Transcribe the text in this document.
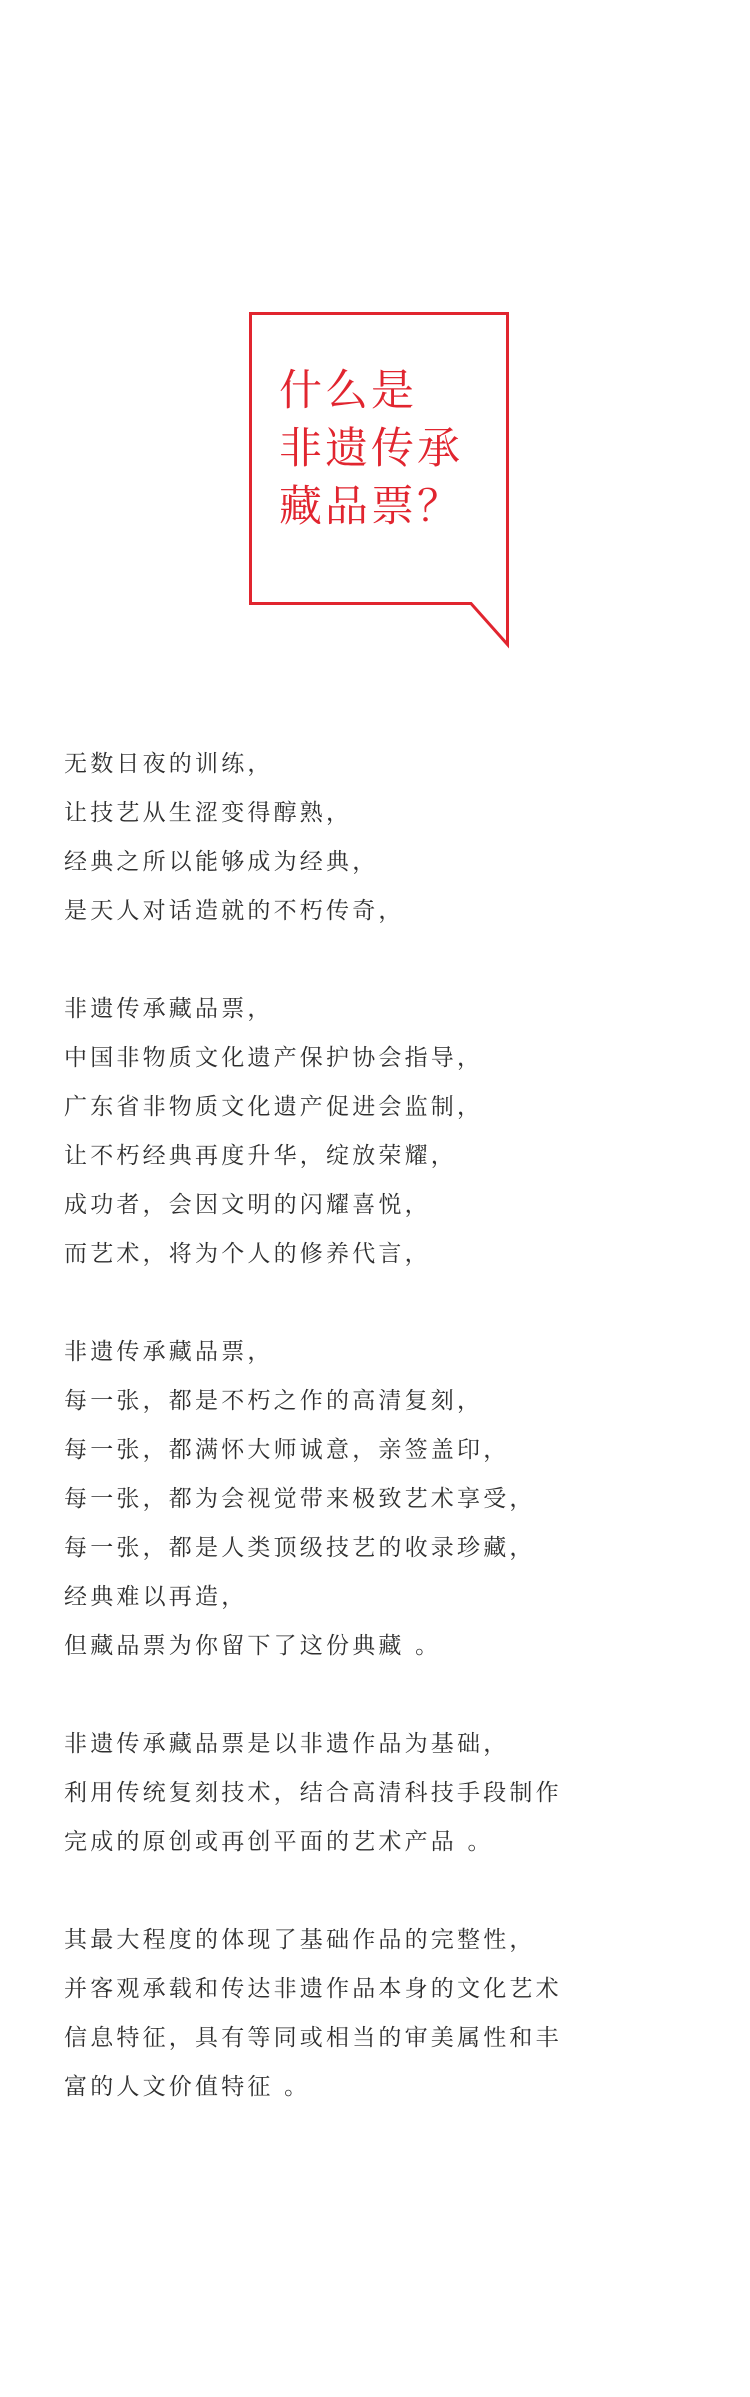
什么是
非遗传承
藏品票？

无数日夜的训练，
让技艺从生涩变得醇熟，
经典之所以能够成为经典，
是天人对话造就的不朽传奇，

非遗传承藏品票，
中国非物质文化遗产保护协会指导，
广东省非物质文化遗产促进会监制，
让不朽经典再度升华，绽放荣耀，
成功者，会因文明的闪耀喜悦，
而艺术，将为个人的修养代言，

非遗传承藏品票，
每一张，都是不朽之作的高清复刻，
每一张，都满怀大师诚意，亲签盖印，
每一张，都为会视觉带来极致艺术享受，
每一张，都是人类顶级技艺的收录珍藏，
经典难以再造，
但藏品票为你留下了这份典藏 。

非遗传承藏品票是以非遗作品为基础，
利用传统复刻技术，结合高清科技手段制作
完成的原创或再创平面的艺术产品 。

其最大程度的体现了基础作品的完整性，
并客观承载和传达非遗作品本身的文化艺术
信息特征，具有等同或相当的审美属性和丰
富的人文价值特征 。
